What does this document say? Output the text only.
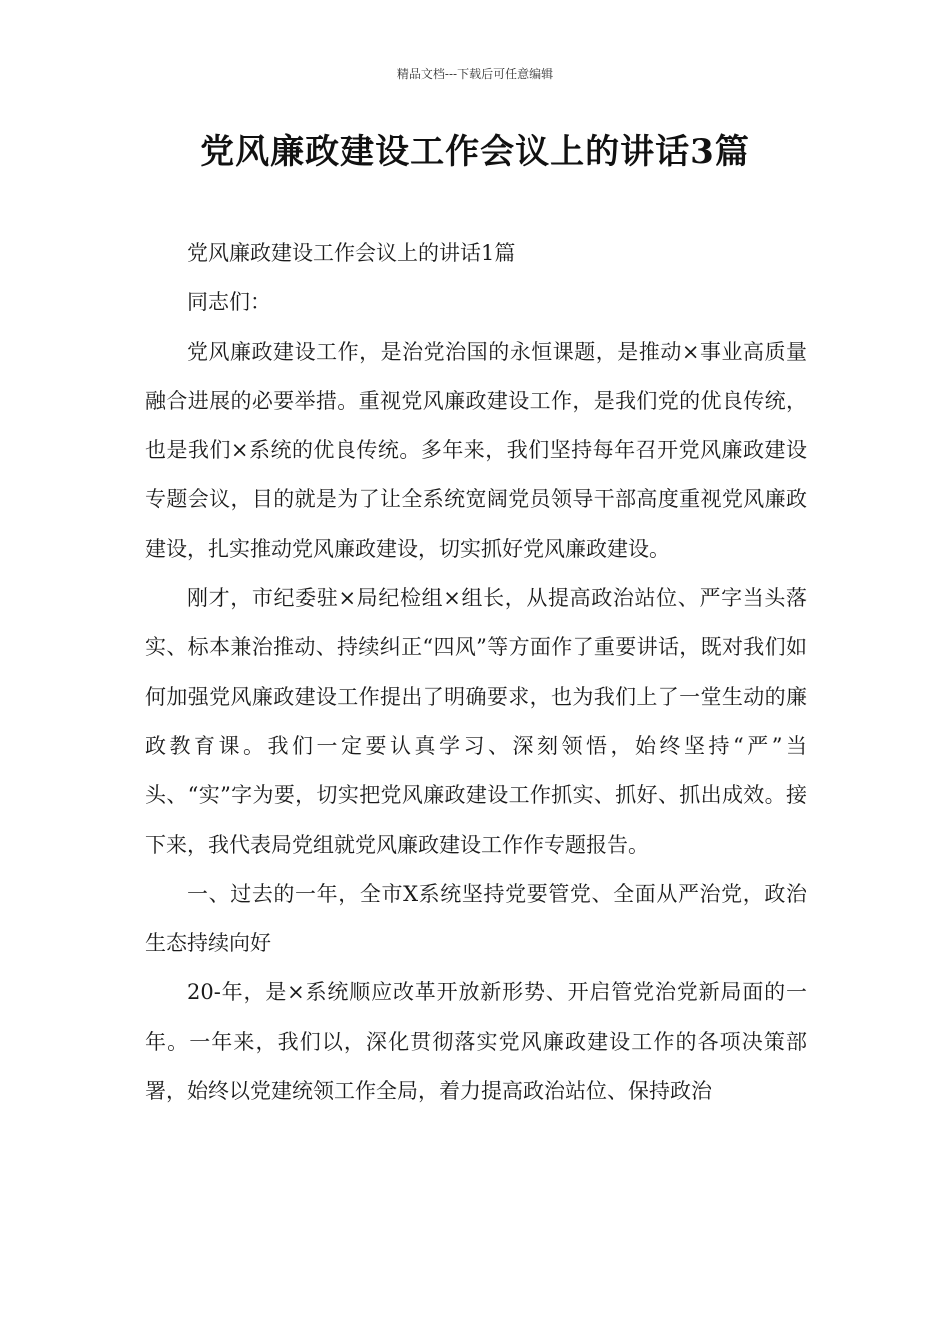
精品文档---下载后可任意编辑
党风廉政建设工作会议上的讲话3篇

党风廉政建设工作会议上的讲话1篇

同志们：

党风廉政建设工作，是治党治国的永恒课题，是推动×事业高质量融合进展的必要举措。重视党风廉政建设工作，是我们党的优良传统，也是我们×系统的优良传统。多年来，我们坚持每年召开党风廉政建设专题会议，目的就是为了让全系统宽阔党员领导干部高度重视党风廉政建设，扎实推动党风廉政建设，切实抓好党风廉政建设。

刚才，市纪委驻×局纪检组×组长，从提高政治站位、严字当头落实、标本兼治推动、持续纠正“四风”等方面作了重要讲话，既对我们如何加强党风廉政建设工作提出了明确要求，也为我们上了一堂生动的廉政教育课。我们一定要认真学习、深刻领悟，始终坚持“严”当头、“实”字为要，切实把党风廉政建设工作抓实、抓好、抓出成效。接下来，我代表局党组就党风廉政建设工作作专题报告。

一、过去的一年，全市X系统坚持党要管党、全面从严治党，政治生态持续向好

20-年，是×系统顺应改革开放新形势、开启管党治党新局面的一年。一年来，我们以，深化贯彻落实党风廉政建设工作的各项决策部署，始终以党建统领工作全局，着力提高政治站位、保持政治
